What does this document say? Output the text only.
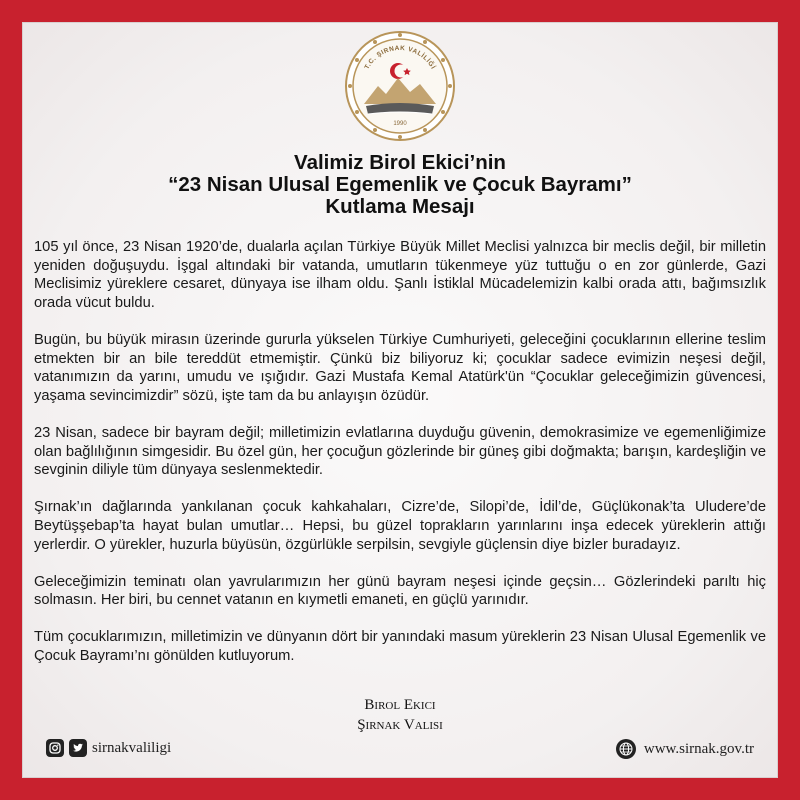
T.C. ŞIRNAK VALİLİĞİ
1990
Valimiz Birol Ekici’nin
“23 Nisan Ulusal Egemenlik ve Çocuk Bayramı”
Kutlama Mesajı

105 yıl önce, 23 Nisan 1920’de, dualarla açılan Türkiye Büyük Millet Meclisi yalnızca bir meclis değil, bir milletin yeniden doğuşuydu. İşgal altındaki bir vatanda, umutların tükenmeye yüz tuttuğu o en zor günlerde, Gazi Meclisimiz yüreklere cesaret, dünyaya ise ilham oldu. Şanlı İstiklal Mücadelemizin kalbi orada attı, bağımsızlık orada vücut buldu.

Bugün, bu büyük mirasın üzerinde gururla yükselen Türkiye Cumhuriyeti, geleceğini çocuklarının ellerine teslim etmekten bir an bile tereddüt etmemiştir. Çünkü biz biliyoruz ki; çocuklar sadece evimizin neşesi değil, vatanımızın da yarını, umudu ve ışığıdır. Gazi Mustafa Kemal Atatürk'ün “Çocuklar geleceğimizin güvencesi, yaşama sevincimizdir” sözü, işte tam da bu anlayışın özüdür.

23 Nisan, sadece bir bayram değil; milletimizin evlatlarına duyduğu güvenin, demokrasimize ve egemenliğimize olan bağlılığının simgesidir. Bu özel gün, her çocuğun gözlerinde bir güneş gibi doğmakta; barışın, kardeşliğin ve sevginin diliyle tüm dünyaya seslenmektedir.

Şırnak’ın dağlarında yankılanan çocuk kahkahaları, Cizre’de, Silopi’de, İdil’de, Güçlükonak’ta Uludere’de Beytüşşebap’ta hayat bulan umutlar… Hepsi, bu güzel toprakların yarınlarını inşa edecek yüreklerin attığı yerlerdir. O yürekler, huzurla büyüsün, özgürlükle serpilsin, sevgiyle güçlensin diye bizler buradayız.

Geleceğimizin teminatı olan yavrularımızın her günü bayram neşesi içinde geçsin… Gözlerindeki parıltı hiç solmasın. Her biri, bu cennet vatanın en kıymetli emaneti, en güçlü yarınıdır.

Tüm çocuklarımızın, milletimizin ve dünyanın dört bir yanındaki masum yüreklerin 23 Nisan Ulusal Egemenlik ve Çocuk Bayramı’nı gönülden kutluyorum.

Birol Ekici
Şırnak Valisi
sirnakvaliligi	www.sirnak.gov.tr
